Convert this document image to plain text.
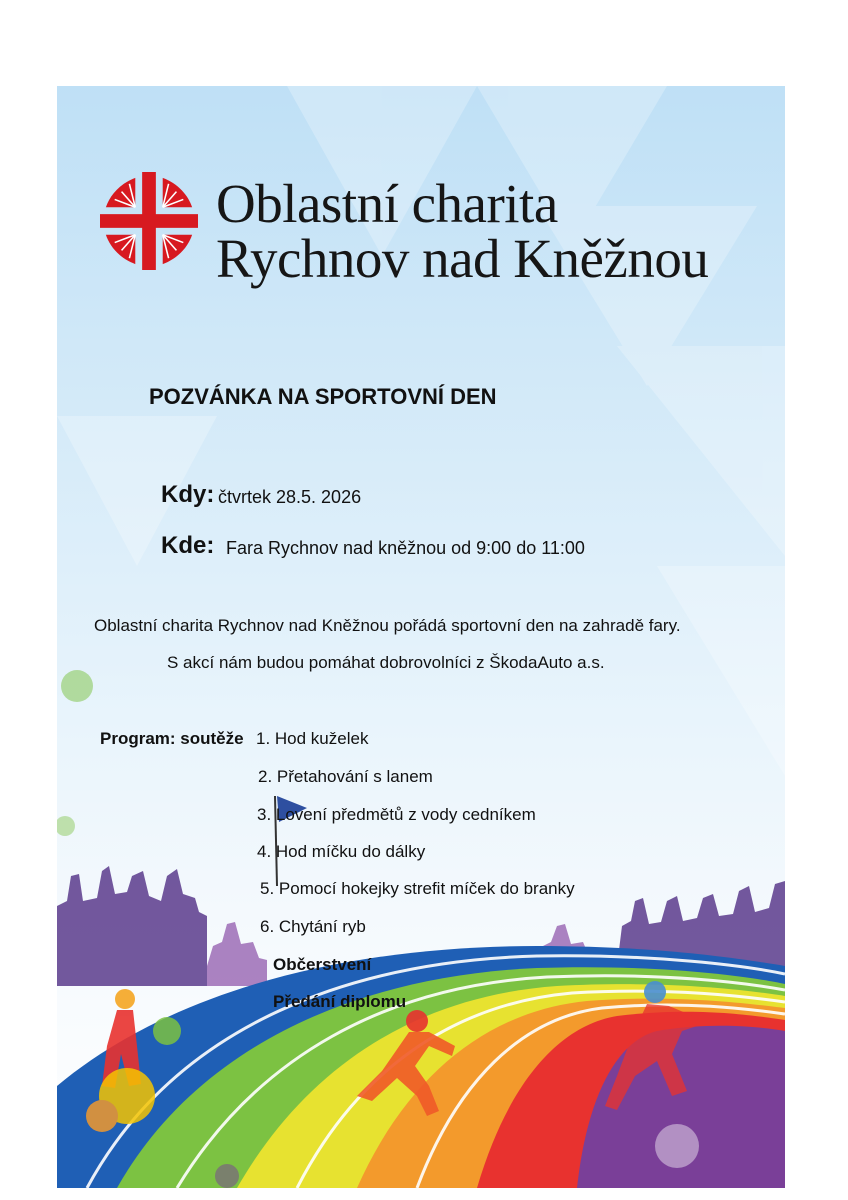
Oblastní charita
Rychnov nad Kněžnou
POZVÁNKA NA SPORTOVNÍ DEN
Kdy: čtvrtek 28.5. 2026
Kde: Fara Rychnov nad kněžnou od 9:00 do 11:00
Oblastní charita Rychnov nad Kněžnou pořádá sportovní den na zahradě fary.
S akcí nám budou pomáhat dobrovolníci z ŠkodaAuto a.s.
Program: soutěže 1. Hod kuželek
2. Přetahování s lanem
3. Lovení předmětů z vody cedníkem
4. Hod míčku do dálky
5. Pomocí hokejky strefit míček do branky
6. Chytání ryb
Občerstvení
Předání diplomu
